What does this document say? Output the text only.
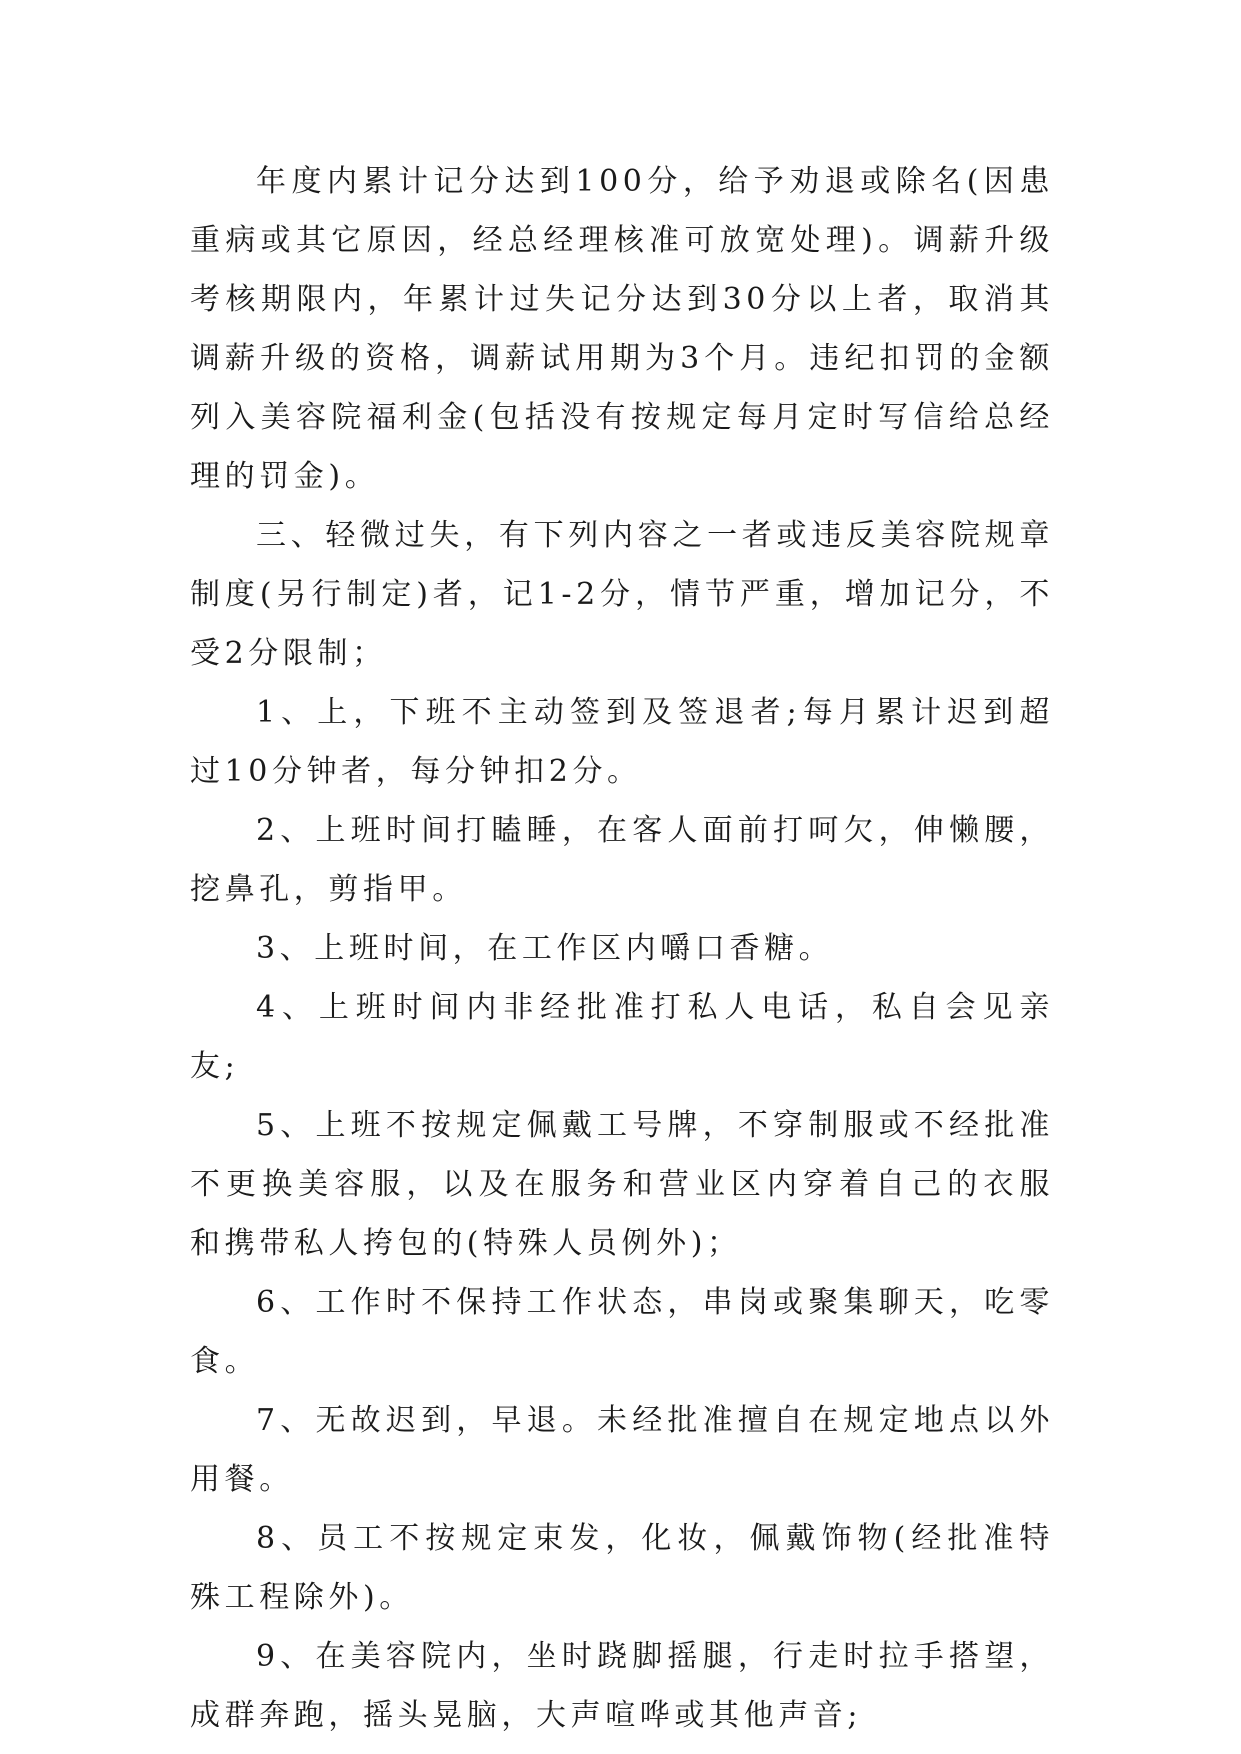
年度内累计记分达到100分，给予劝退或除名(因患重病或其它原因，经总经理核准可放宽处理)。调薪升级考核期限内，年累计过失记分达到30分以上者，取消其调薪升级的资格，调薪试用期为3个月。违纪扣罚的金额列入美容院福利金(包括没有按规定每月定时写信给总经理的罚金)。

三、轻微过失，有下列内容之一者或违反美容院规章制度(另行制定)者，记1-2分，情节严重，增加记分，不受2分限制；

1、上，下班不主动签到及签退者;每月累计迟到超过10分钟者，每分钟扣2分。

2、上班时间打瞌睡，在客人面前打呵欠，伸懒腰，挖鼻孔，剪指甲。

3、上班时间，在工作区内嚼口香糖。

4、上班时间内非经批准打私人电话，私自会见亲友;

5、上班不按规定佩戴工号牌，不穿制服或不经批准不更换美容服，以及在服务和营业区内穿着自己的衣服和携带私人挎包的(特殊人员例外)；

6、工作时不保持工作状态，串岗或聚集聊天，吃零食。

7、无故迟到，早退。未经批准擅自在规定地点以外用餐。

8、员工不按规定束发，化妆，佩戴饰物(经批准特殊工程除外)。

9、在美容院内，坐时跷脚摇腿，行走时拉手搭望，成群奔跑，摇头晃脑，大声喧哗或其他声音;
